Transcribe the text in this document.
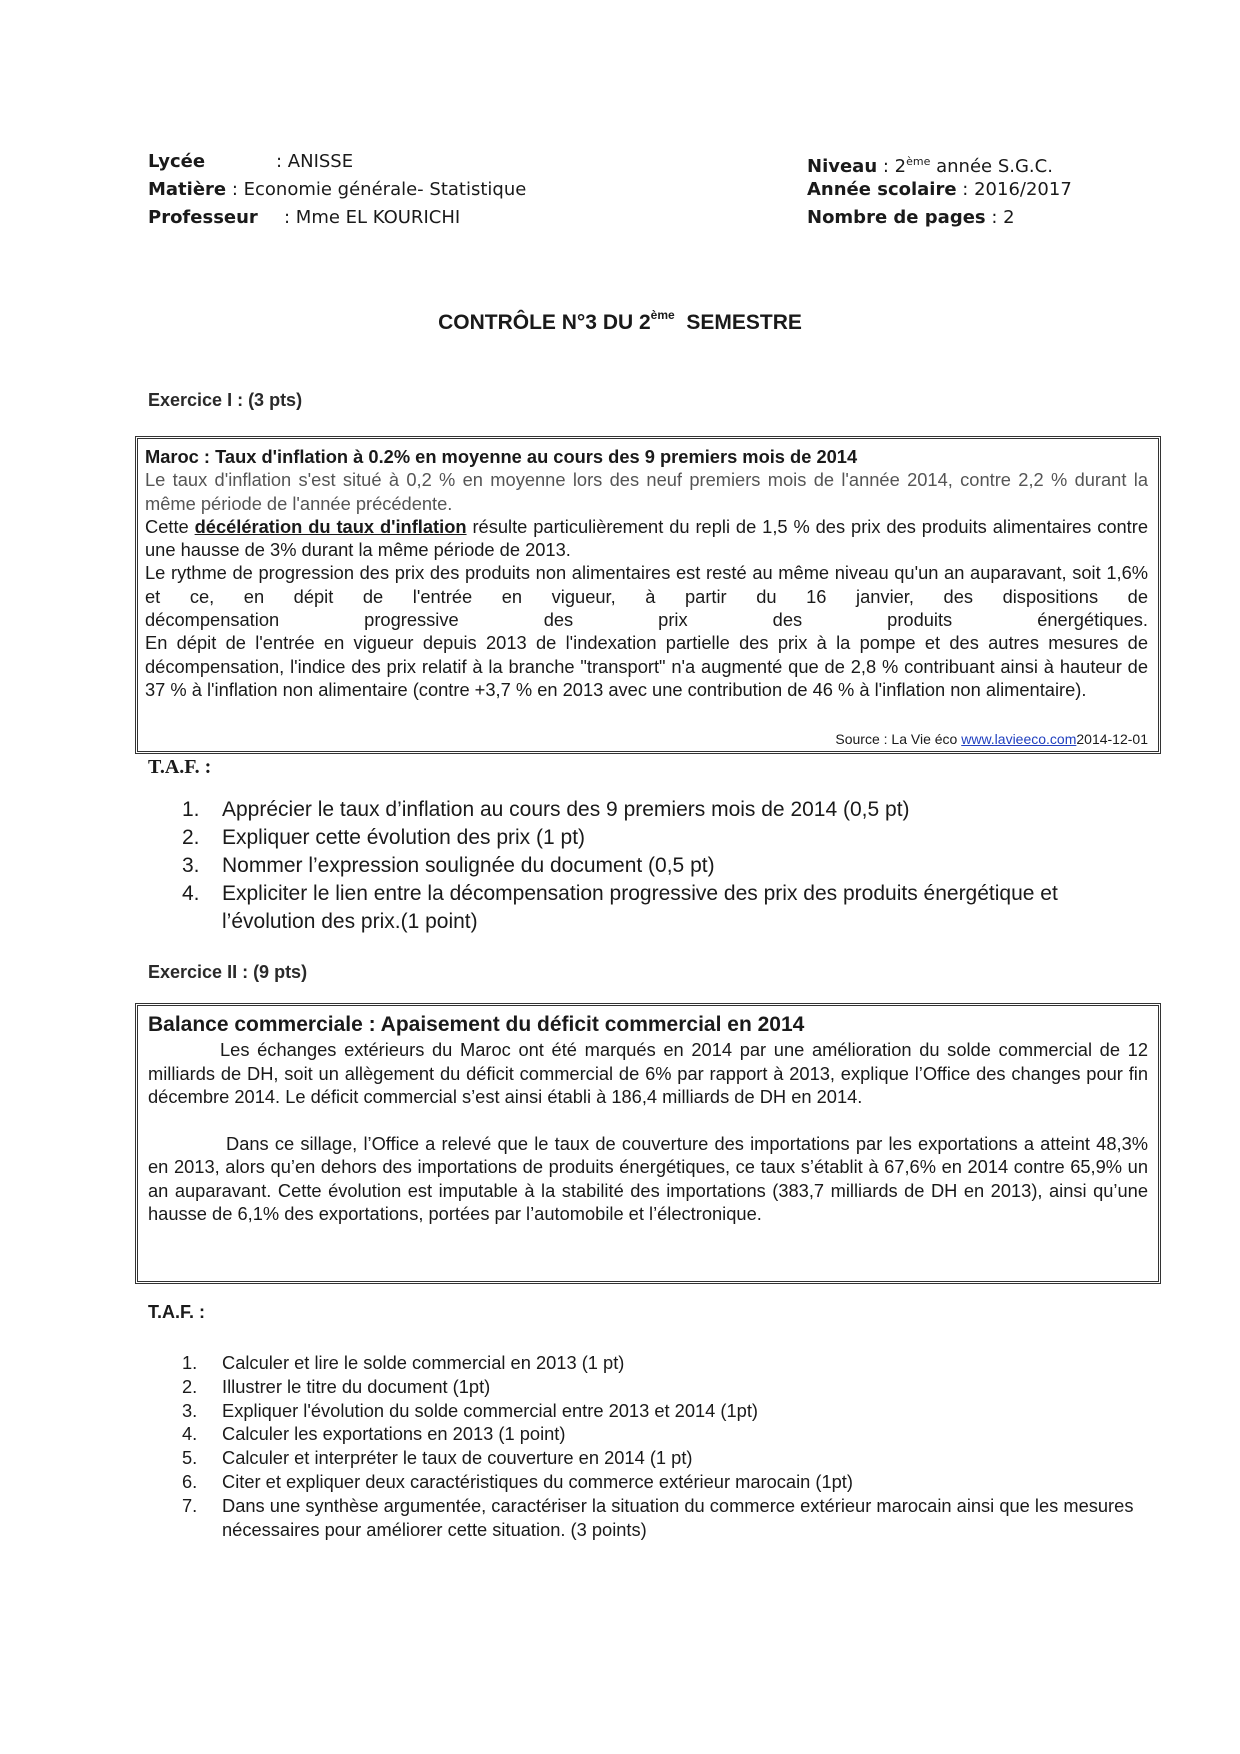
Lycée	: ANISSE
Matière : Economie générale- Statistique
Professeur : Mme EL KOURICHI
Niveau : 2ème année S.G.C.
Année scolaire : 2016/2017
Nombre de pages : 2
CONTRÔLE N°3 DU 2ème  SEMESTRE
Exercice I : (3 pts)
Maroc : Taux d'inflation à 0.2% en moyenne au cours des 9 premiers mois de 2014
Le taux d'inflation s'est situé à 0,2 % en moyenne lors des neuf premiers mois de l'année 2014, contre 2,2 % durant la même période de l'année précédente.
Cette décélération du taux d'inflation résulte particulièrement du repli de 1,5 % des prix des produits alimentaires contre une hausse de 3% durant la même période de 2013.
Le rythme de progression des prix des produits non alimentaires est resté au même niveau qu'un an auparavant, soit 1,6% et ce, en dépit de l'entrée en vigueur, à partir du 16 janvier, des dispositions de
décompensation progressive des prix des produits énergétiques.
En dépit de l'entrée en vigueur depuis 2013 de l'indexation partielle des prix à la pompe et des autres mesures de décompensation, l'indice des prix relatif à la branche "transport" n'a augmenté que de 2,8 % contribuant ainsi à hauteur de 37 % à l'inflation non alimentaire (contre +3,7 % en 2013 avec une contribution de 46 % à l'inflation non alimentaire).
Source : La Vie éco www.lavieeco.com2014-12-01
T.A.F. :
1. Apprécier le taux d’inflation au cours des 9 premiers mois de 2014 (0,5 pt)
2. Expliquer cette évolution des prix (1 pt)
3. Nommer l’expression soulignée du document (0,5 pt)
4. Expliciter le lien entre la décompensation progressive des prix des produits énergétique et l’évolution des prix.(1 point)
Exercice II : (9 pts)
Balance commerciale : Apaisement du déficit commercial en 2014
Les échanges extérieurs du Maroc ont été marqués en 2014 par une amélioration du solde commercial de 12 milliards de DH, soit un allègement du déficit commercial de 6% par rapport à 2013, explique l’Office des changes pour fin décembre 2014. Le déficit commercial s’est ainsi établi à 186,4 milliards de DH en 2014.
Dans ce sillage, l’Office a relevé que le taux de couverture des importations par les exportations a atteint 48,3% en 2013, alors qu’en dehors des importations de produits énergétiques, ce taux s’établit à 67,6% en 2014 contre 65,9% un an auparavant. Cette évolution est imputable à la stabilité des importations (383,7 milliards de DH en 2013), ainsi qu’une hausse de 6,1% des exportations, portées par l’automobile et l’électronique.
T.A.F. :
1. Calculer et lire le solde commercial en 2013 (1 pt)
2. Illustrer le titre du document (1pt)
3. Expliquer l'évolution du solde commercial entre 2013 et 2014 (1pt)
4. Calculer les exportations en 2013 (1 point)
5. Calculer et interpréter le taux de couverture en 2014 (1 pt)
6. Citer et expliquer deux caractéristiques du commerce extérieur marocain (1pt)
7. Dans une synthèse argumentée, caractériser la situation du commerce extérieur marocain ainsi que les mesures nécessaires pour améliorer cette situation. (3 points)
